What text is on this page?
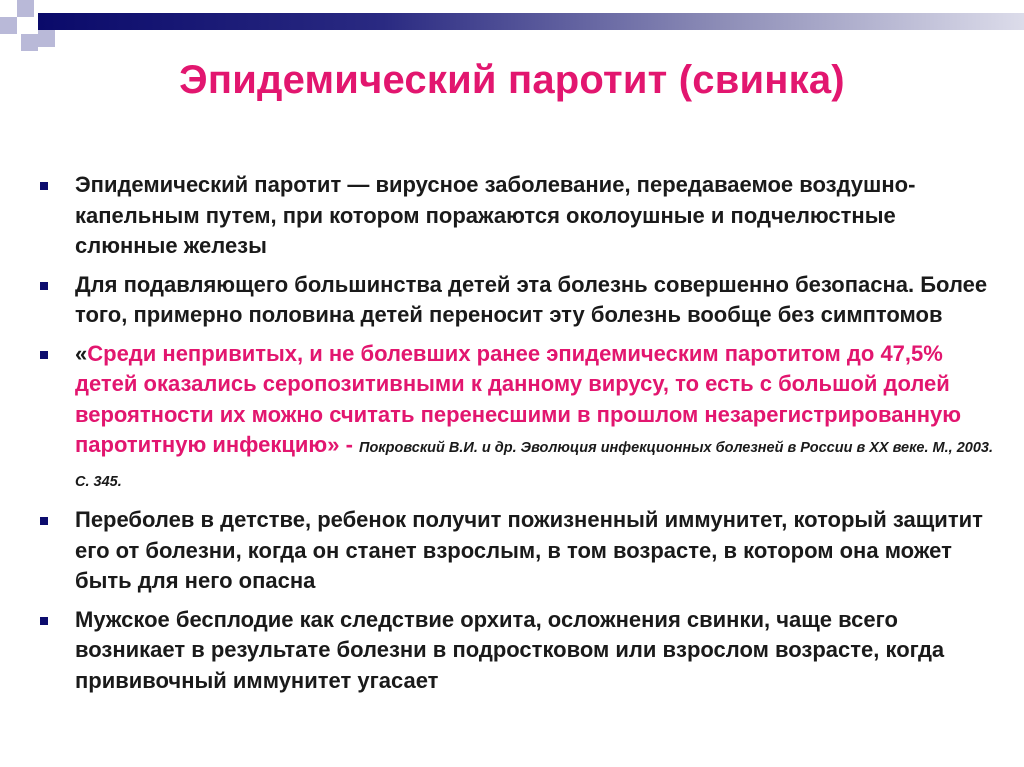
Эпидемический паротит (свинка)
Эпидемический паротит — вирусное заболевание, передаваемое воздушно-капельным путем, при котором поражаются околоушные и подчелюстные слюнные железы
Для подавляющего большинства детей эта болезнь совершенно безопасна. Более того, примерно половина детей переносит эту болезнь вообще без симптомов
«Среди непривитых, и не болевших ранее эпидемическим паротитом до 47,5% детей оказались серопозитивными к данному вирусу, то есть с большой долей вероятности их можно считать перенесшими в прошлом незарегистрированную паротитную инфекцию» - Покровский В.И. и др. Эволюция инфекционных болезней в России в XX веке. М., 2003. С. 345.
Переболев в детстве, ребенок получит пожизненный иммунитет, который защитит его от болезни, когда он станет взрослым, в том возрасте, в котором она может быть для него опасна
Мужское бесплодие как следствие орхита, осложнения свинки, чаще всего возникает в результате болезни в подростковом или взрослом возрасте, когда прививочный иммунитет угасает
